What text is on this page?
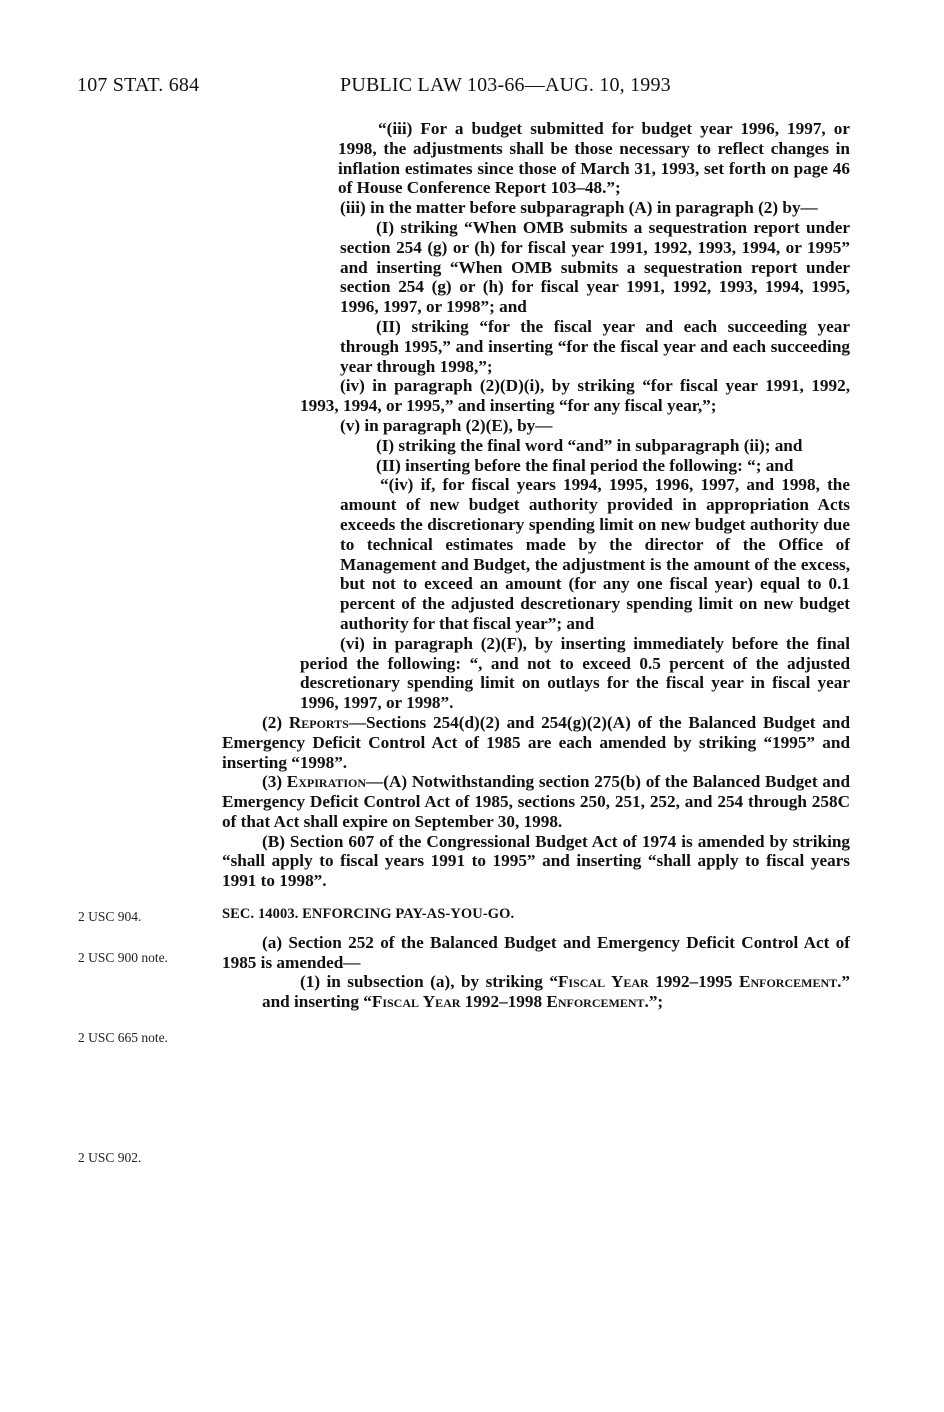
107 STAT. 684	PUBLIC LAW 103-66—AUG. 10, 1993
2 USC 904.
2 USC 900 note.
2 USC 665 note.
2 USC 902.

“(iii) For a budget submitted for budget year 1996, 1997, or 1998, the adjustments shall be those necessary to reflect changes in inflation estimates since those of March 31, 1993, set forth on page 46 of House Conference Report 103–48.”;

(iii) in the matter before subparagraph (A) in paragraph (2) by—

(I) striking “When OMB submits a sequestration report under section 254 (g) or (h) for fiscal year 1991, 1992, 1993, 1994, or 1995” and inserting “When OMB submits a sequestration report under section 254 (g) or (h) for fiscal year 1991, 1992, 1993, 1994, 1995, 1996, 1997, or 1998”; and

(II) striking “for the fiscal year and each succeeding year through 1995,” and inserting “for the fiscal year and each succeeding year through 1998,”;

(iv) in paragraph (2)(D)(i), by striking “for fiscal year 1991, 1992, 1993, 1994, or 1995,” and inserting “for any fiscal year,”;

(v) in paragraph (2)(E), by—

(I) striking the final word “and” in subparagraph (ii); and

(II) inserting before the final period the following: “; and

“(iv) if, for fiscal years 1994, 1995, 1996, 1997, and 1998, the amount of new budget authority provided in appropriation Acts exceeds the discretionary spending limit on new budget authority due to technical estimates made by the director of the Office of Management and Budget, the adjustment is the amount of the excess, but not to exceed an amount (for any one fiscal year) equal to 0.1 percent of the adjusted descretionary spending limit on new budget authority for that fiscal year”; and

(vi) in paragraph (2)(F), by inserting immediately before the final period the following: “, and not to exceed 0.5 percent of the adjusted descretionary spending limit on outlays for the fiscal year in fiscal year 1996, 1997, or 1998”.

(2) Reports—Sections 254(d)(2) and 254(g)(2)(A) of the Balanced Budget and Emergency Deficit Control Act of 1985 are each amended by striking “1995” and inserting “1998”.

(3) Expiration—(A) Notwithstanding section 275(b) of the Balanced Budget and Emergency Deficit Control Act of 1985, sections 250, 251, 252, and 254 through 258C of that Act shall expire on September 30, 1998.

(B) Section 607 of the Congressional Budget Act of 1974 is amended by striking “shall apply to fiscal years 1991 to 1995” and inserting “shall apply to fiscal years 1991 to 1998”.

SEC. 14003. ENFORCING PAY-AS-YOU-GO.

(a) Section 252 of the Balanced Budget and Emergency Deficit Control Act of 1985 is amended—

(1) in subsection (a), by striking “Fiscal Year 1992–1995 Enforcement.” and inserting “Fiscal Year 1992–1998 Enforcement.”;
